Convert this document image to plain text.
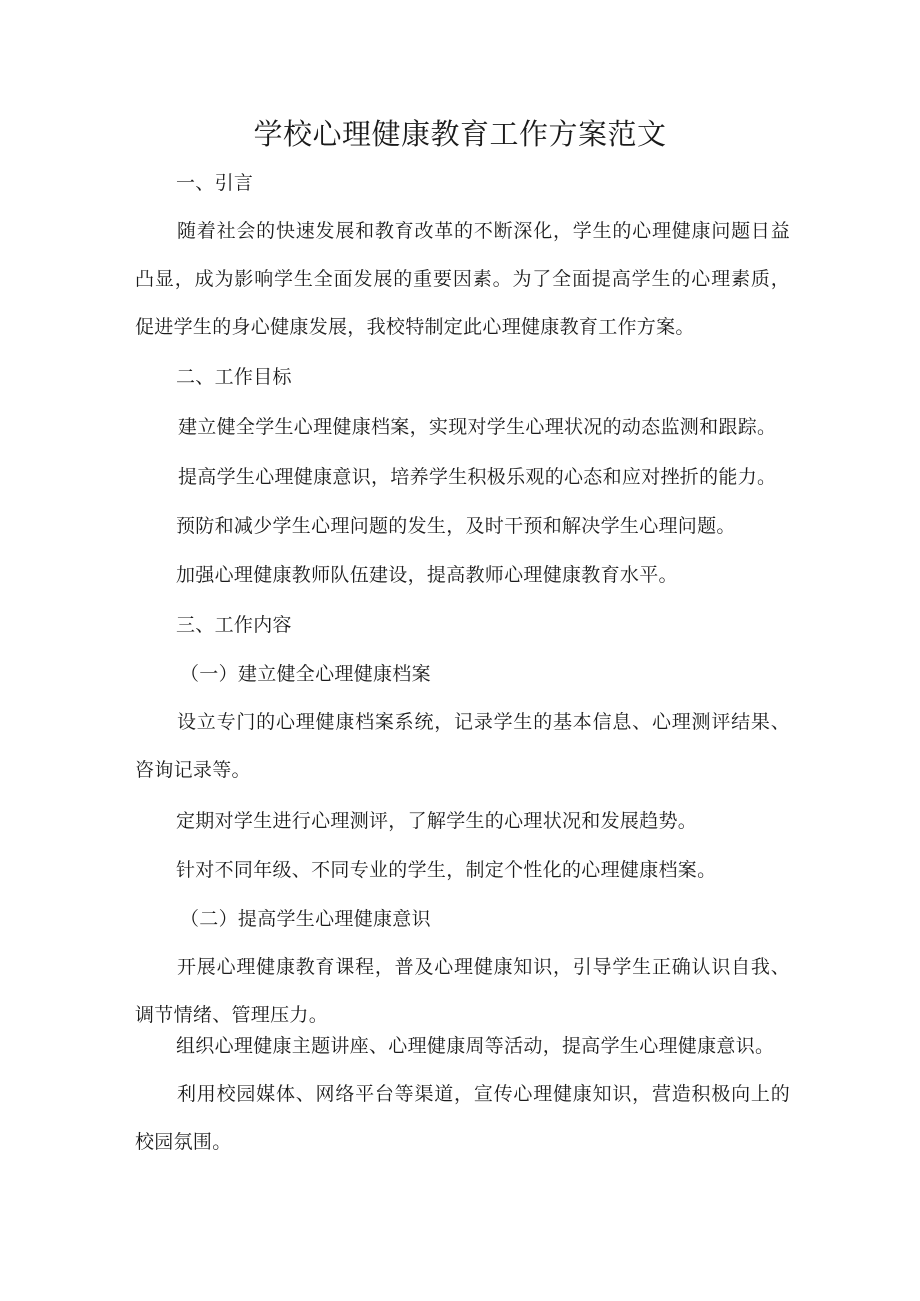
学校心理健康教育工作方案范文
一、引言
随着社会的快速发展和教育改革的不断深化，学生的心理健康问题日益凸显，成为影响学生全面发展的重要因素。为了全面提高学生的心理素质，促进学生的身心健康发展，我校特制定此心理健康教育工作方案。
二、工作目标
建立健全学生心理健康档案，实现对学生心理状况的动态监测和跟踪。
提高学生心理健康意识，培养学生积极乐观的心态和应对挫折的能力。
预防和减少学生心理问题的发生，及时干预和解决学生心理问题。
加强心理健康教师队伍建设，提高教师心理健康教育水平。
三、工作内容
（一）建立健全心理健康档案
设立专门的心理健康档案系统，记录学生的基本信息、心理测评结果、咨询记录等。
定期对学生进行心理测评，了解学生的心理状况和发展趋势。
针对不同年级、不同专业的学生，制定个性化的心理健康档案。
（二）提高学生心理健康意识
开展心理健康教育课程，普及心理健康知识，引导学生正确认识自我、调节情绪、管理压力。
组织心理健康主题讲座、心理健康周等活动，提高学生心理健康意识。
利用校园媒体、网络平台等渠道，宣传心理健康知识，营造积极向上的校园氛围。
